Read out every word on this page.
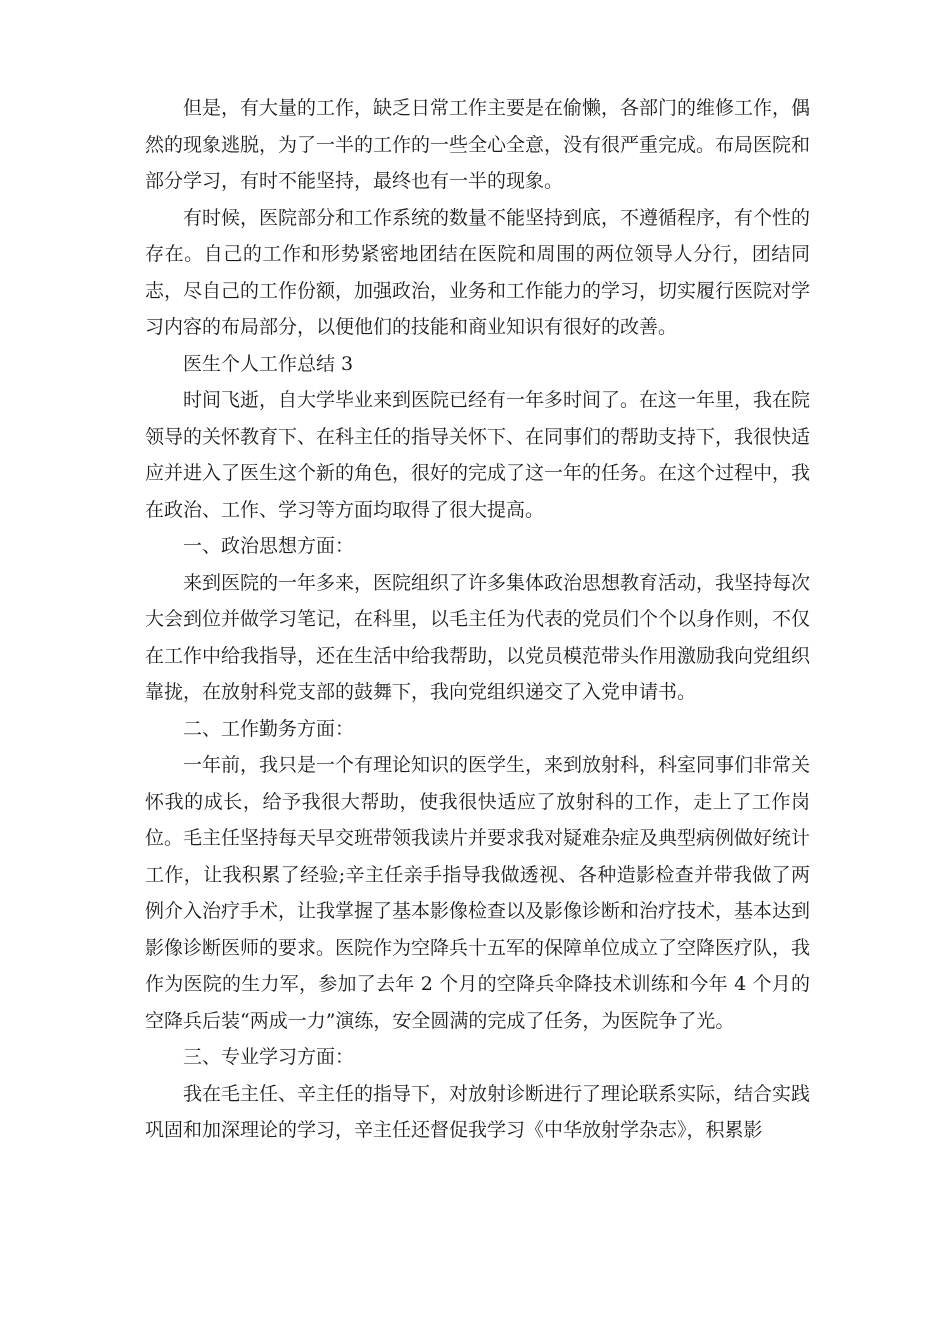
但是，有大量的工作，缺乏日常工作主要是在偷懒，各部门的维修工作，偶然的现象逃脱，为了一半的工作的一些全心全意，没有很严重完成。布局医院和部分学习，有时不能坚持，最终也有一半的现象。

有时候，医院部分和工作系统的数量不能坚持到底，不遵循程序，有个性的存在。自己的工作和形势紧密地团结在医院和周围的两位领导人分行，团结同志，尽自己的工作份额，加强政治，业务和工作能力的学习，切实履行医院对学习内容的布局部分，以便他们的技能和商业知识有很好的改善。

医生个人工作总结 3

时间飞逝，自大学毕业来到医院已经有一年多时间了。在这一年里，我在院领导的关怀教育下、在科主任的指导关怀下、在同事们的帮助支持下，我很快适应并进入了医生这个新的角色，很好的完成了这一年的任务。在这个过程中，我在政治、工作、学习等方面均取得了很大提高。

一、政治思想方面：

来到医院的一年多来，医院组织了许多集体政治思想教育活动，我坚持每次大会到位并做学习笔记，在科里，以毛主任为代表的党员们个个以身作则，不仅在工作中给我指导，还在生活中给我帮助，以党员模范带头作用激励我向党组织靠拢，在放射科党支部的鼓舞下，我向党组织递交了入党申请书。

二、工作勤务方面：

一年前，我只是一个有理论知识的医学生，来到放射科，科室同事们非常关怀我的成长，给予我很大帮助，使我很快适应了放射科的工作，走上了工作岗位。毛主任坚持每天早交班带领我读片并要求我对疑难杂症及典型病例做好统计工作，让我积累了经验;辛主任亲手指导我做透视、各种造影检查并带我做了两例介入治疗手术，让我掌握了基本影像检查以及影像诊断和治疗技术，基本达到影像诊断医师的要求。医院作为空降兵十五军的保障单位成立了空降医疗队，我作为医院的生力军，参加了去年 2 个月的空降兵伞降技术训练和今年 4 个月的空降兵后装“两成一力”演练，安全圆满的完成了任务，为医院争了光。

三、专业学习方面：

我在毛主任、辛主任的指导下，对放射诊断进行了理论联系实际，结合实践巩固和加深理论的学习，辛主任还督促我学习《中华放射学杂志》，积累影
